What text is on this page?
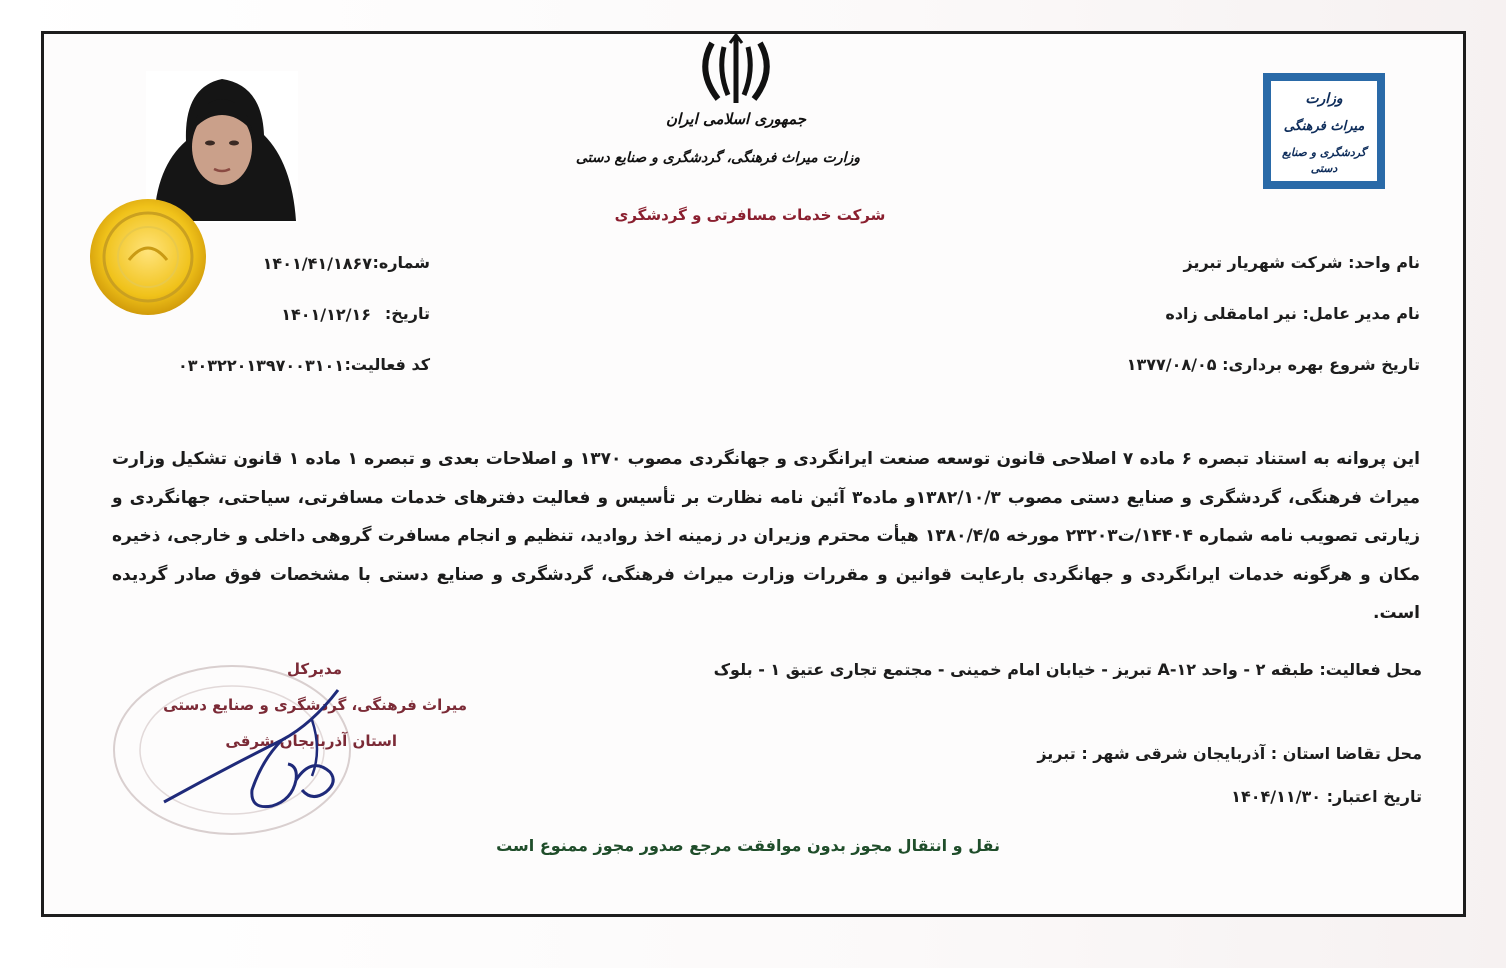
جمهوری اسلامی ایران
وزارت میراث فرهنگی، گردشگری و صنایع دستی
شرکت خدمات مسافرتی و گردشگری
وزارت
میراث فرهنگی
گردشگری و صنایع دستی
شماره:
۱۴۰۱/۴۱/۱۸۶۷
تاریخ:
۱۴۰۱/۱۲/۱۶
کد فعالیت:
۰۳۰۳۲۲۰۱۳۹۷۰۰۳۱۰۱
نام واحد: شرکت شهریار تبریز
نام مدیر عامل: نیر امامقلی زاده
تاریخ شروع بهره برداری: ۱۳۷۷/۰۸/۰۵
این پروانه به استناد تبصره ۶ ماده ۷ اصلاحی قانون توسعه صنعت ایرانگردی و جهانگردی مصوب ۱۳۷۰ و اصلاحات بعدی و تبصره ۱ ماده ۱ قانون تشکیل وزارت میراث فرهنگی، گردشگری و صنایع دستی مصوب ۱۳۸۲/۱۰/۳و ماده۳ آئین نامه نظارت بر تأسیس و فعالیت دفترهای خدمات مسافرتی، سیاحتی، جهانگردی و زیارتی تصویب نامه شماره ۱۴۴۰۴/ت۲۳۲۰۳ مورخه ۱۳۸۰/۴/۵ هیأت محترم وزیران در زمینه اخذ روادید، تنظیم و انجام مسافرت گروهی داخلی و خارجی، ذخیره مکان و هرگونه خدمات ایرانگردی و جهانگردی بارعایت قوانین و مقررات وزارت میراث فرهنگی، گردشگری و صنایع دستی با مشخصات فوق صادر گردیده است.
محل فعالیت: طبقه ۲ - واحد ۱۲-A تبریز - خیابان امام خمینی - مجتمع تجاری عتیق ۱ - بلوک
محل تقاضا استان : آذربایجان شرقی شهر : تبریز
تاریخ اعتبار: ۱۴۰۴/۱۱/۳۰
مدیرکل
میراث فرهنگی، گردشگری و صنایع دستی
استان آذربایجان شرقی
نقل و انتقال مجوز بدون موافقت مرجع صدور مجوز ممنوع است
